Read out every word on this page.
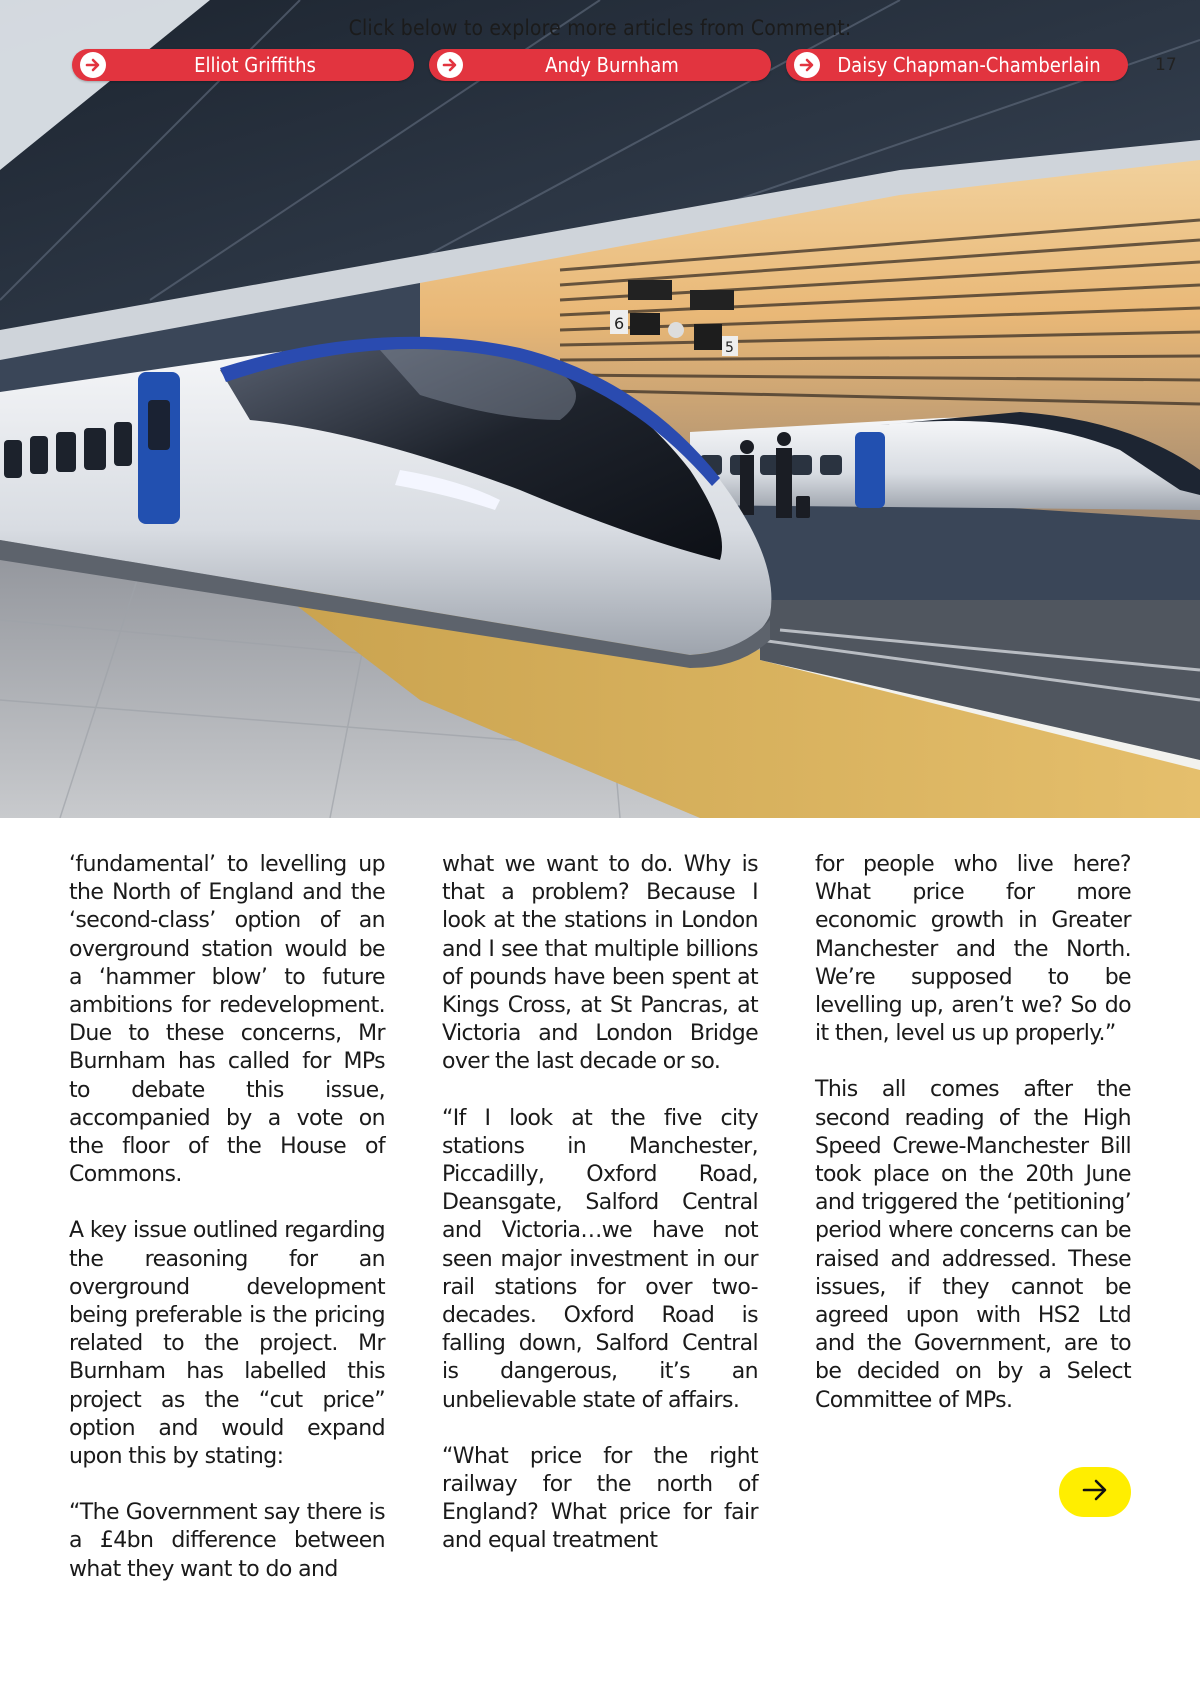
6
5
Click below to explore more articles from Comment:
Elliot Griffiths	Andy Burnham	Daisy Chapman-Chamberlain	17

‘fundamental’ to levelling up the North of England and the ‘second-class’ option of an overground station would be a ‘hammer blow’ to future ambitions for redevelopment. Due to these concerns, Mr Burnham has called for MPs to debate this issue, accompanied by a vote on the floor of the House of Commons.

A key issue outlined regarding the reasoning for an overground development being preferable is the pricing related to the project. Mr Burnham has labelled this project as the “cut price” option and would expand upon this by stating:

“The Government say there is a £4bn difference between what they want to do and

what we want to do. Why is that a problem? Because I look at the stations in London and I see that multiple billions of pounds have been spent at Kings Cross, at St Pancras, at Victoria and London Bridge over the last decade or so.

“If I look at the five city stations in Manchester, Piccadilly, Oxford Road, Deansgate, Salford Central and Victoria…we have not seen major investment in our rail stations for over two-decades. Oxford Road is falling down, Salford Central is dangerous, it’s an unbelievable state of affairs.

“What price for the right railway for the north of England? What price for fair and equal treatment

for people who live here? What price for more economic growth in Greater Manchester and the North. We’re supposed to be levelling up, aren’t we? So do it then, level us up properly.”

This all comes after the second reading of the High Speed Crewe-Manchester Bill took place on the 20th June and triggered the ‘petitioning’ period where concerns can be raised and addressed. These issues, if they cannot be agreed upon with HS2 Ltd and the Government, are to be decided on by a Select Committee of MPs.
